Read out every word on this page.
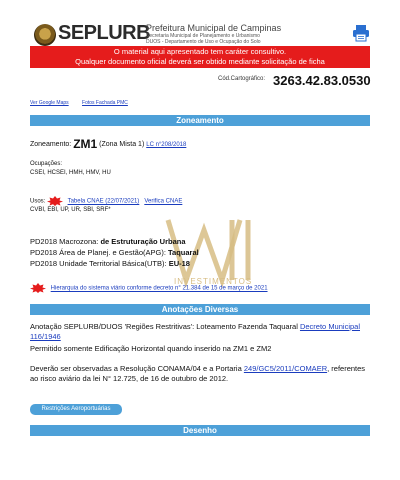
SEPLURB
Prefeitura Municipal de Campinas
Secretaria Municipal de Planejamento e Urbanismo
DUOS - Departamento de Uso e Ocupação do Solo
O material aqui apresentado tem caráter consultivo.
Qualquer documento oficial deverá ser obtido mediante solicitação de ficha
Cód.Cartográfico: 3263.42.83.0530
Ver Google Maps	Fotos Fachada PMC
Zoneamento
Zoneamento: ZM1 (Zona Mista 1) LC n°208/2018
Ocupações:
CSEI, HCSEI, HMH, HMV, HU
Usos:	Tabela CNAE (22/07/2021) Verifica CNAE
CVBI, EBI, UP, UR, SBI, SRF*
INVESTIMENTOS
PD2018 Macrozona: de Estruturação Urbana
PD2018 Área de Planej. e Gestão(APG): Taquaral
PD2018 Unidade Territorial Básica(UTB): EU-18
Hierarquia do sistema viário conforme decreto n° 21.384 de 15 de março de 2021
Anotações Diversas
Anotação SEPLURB/DUOS 'Regiões Restritivas': Loteamento Fazenda Taquaral Decreto Municipal 116/1946
Permitido somente Edificação Horizontal quando inserido na ZM1 e ZM2
Deverão ser observadas a Resolução CONAMA/04 e a Portaria 249/GC5/2011/COMAER, referentes ao risco aviário da lei N° 12.725, de 16 de outubro de 2012.
Restrições Aeroportuárias
Desenho
